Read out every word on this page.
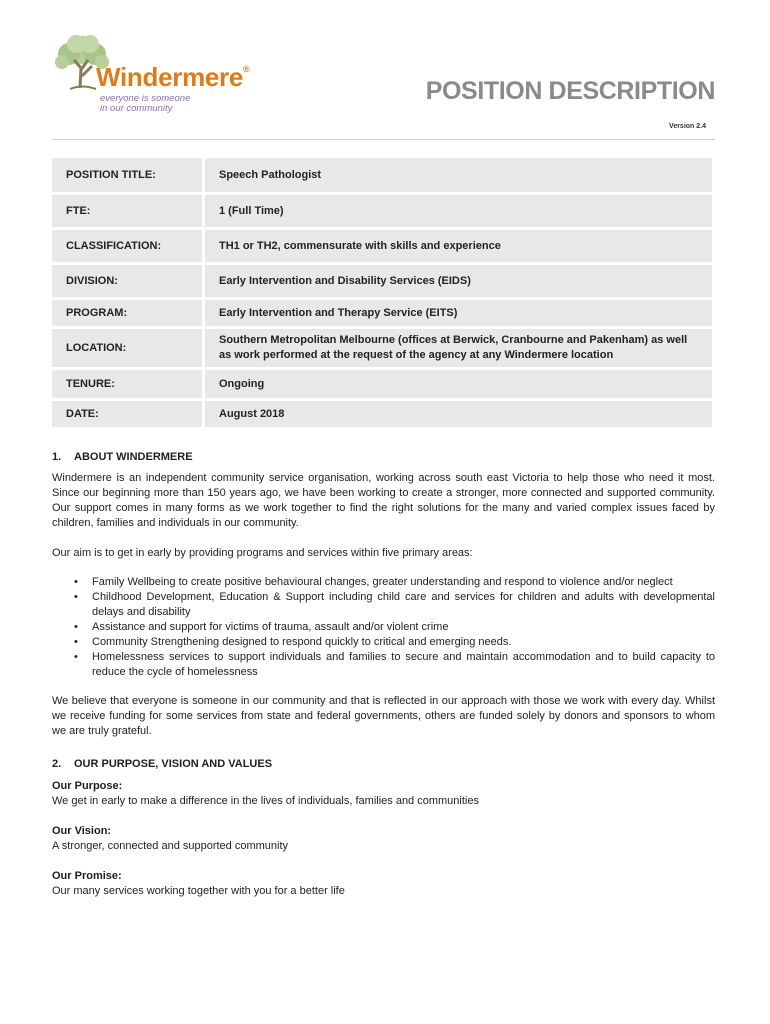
Windermere®
everyone is someone
in our community
POSITION DESCRIPTION
Version 2.4
POSITION TITLE:	Speech Pathologist
FTE:	1 (Full Time)
CLASSIFICATION:	TH1 or TH2, commensurate with skills and experience
DIVISION:	Early Intervention and Disability Services (EIDS)
PROGRAM:	Early Intervention and Therapy Service (EITS)
LOCATION:	Southern Metropolitan Melbourne (offices at Berwick, Cranbourne and Pakenham) as well as work performed at the request of the agency at any Windermere location
TENURE:	Ongoing
DATE:	August 2018
1. ABOUT WINDERMERE

Windermere is an independent community service organisation, working across south east Victoria to help those who need it most. Since our beginning more than 150 years ago, we have been working to create a stronger, more connected and supported community. Our support comes in many forms as we work together to find the right solutions for the many and varied complex issues faced by children, families and individuals in our community.

Our aim is to get in early by providing programs and services within five primary areas:

• Family Wellbeing to create positive behavioural changes, greater understanding and respond to violence and/or neglect
• Childhood Development, Education & Support including child care and services for children and adults with developmental delays and disability
• Assistance and support for victims of trauma, assault and/or violent crime
• Community Strengthening designed to respond quickly to critical and emerging needs.
• Homelessness services to support individuals and families to secure and maintain accommodation and to build capacity to reduce the cycle of homelessness

We believe that everyone is someone in our community and that is reflected in our approach with those we work with every day. Whilst we receive funding for some services from state and federal governments, others are funded solely by donors and sponsors to whom we are truly grateful.

2. OUR PURPOSE, VISION AND VALUES
Our Purpose:
We get in early to make a difference in the lives of individuals, families and communities
Our Vision:
A stronger, connected and supported community
Our Promise:
Our many services working together with you for a better life
